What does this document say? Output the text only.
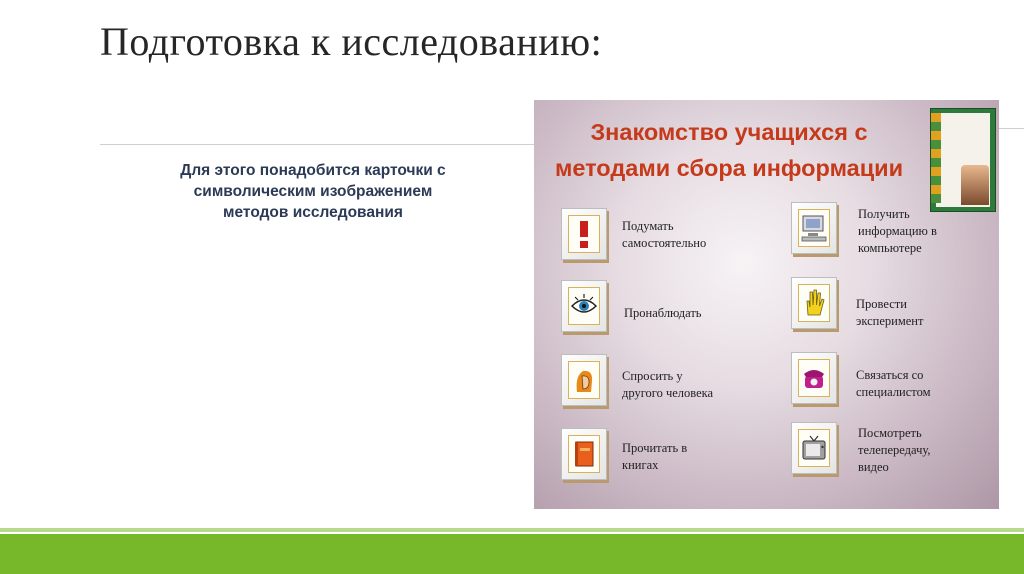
Подготовка к исследованию:
Для этого понадобится карточки с
символическим изображением
методов исследования
Знакомство учащихся с
методами сбора информации
Подумать
самостоятельно
Получить
информацию в
компьютере
Пронаблюдать
Провести
эксперимент
Спросить у
другого человека
Связаться со
специалистом
Прочитать в
книгах
Посмотреть
телепередачу,
видео
